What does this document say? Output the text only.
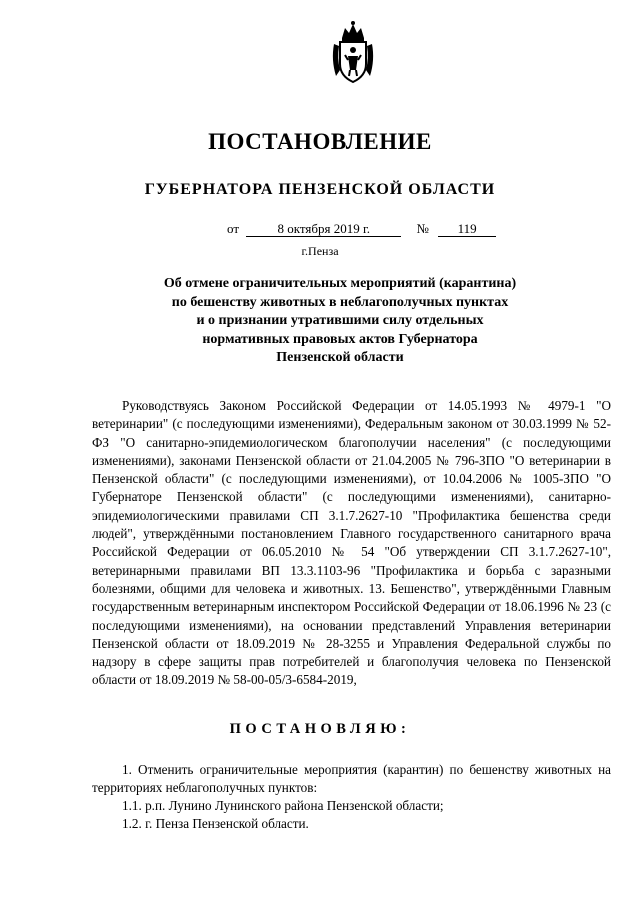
ПОСТАНОВЛЕНИЕ
ГУБЕРНАТОРА ПЕНЗЕНСКОЙ ОБЛАСТИ
от	8 октября 2019 г.	№ 119
г.Пенза
Об отмене ограничительных мероприятий (карантина)
по бешенству животных в неблагополучных пунктах
и о признании утратившими силу отдельных
нормативных правовых актов Губернатора
Пензенской области

Руководствуясь Законом Российской Федерации от 14.05.1993 № 4979-1 "О ветеринарии" (с последующими изменениями), Федеральным законом от 30.03.1999 № 52-ФЗ "О санитарно-эпидемиологическом благополучии населения" (с последующими изменениями), законами Пензенской области от 21.04.2005 № 796-ЗПО "О ветеринарии в Пензенской области" (с последующими изменениями), от 10.04.2006 № 1005-ЗПО "О Губернаторе Пензенской области" (с последующими изменениями), санитарно-эпидемиологическими правилами СП 3.1.7.2627-10 "Профилактика бешенства среди людей", утверждёнными постановлением Главного государственного санитарного врача Российской Федерации от 06.05.2010 № 54 "Об утверждении СП 3.1.7.2627-10", ветеринарными правилами ВП 13.3.1103-96 "Профилактика и борьба с заразными болезнями, общими для человека и животных. 13. Бешенство", утверждёнными Главным государственным ветеринарным инспектором Российской Федерации от 18.06.1996 № 23 (с последующими изменениями), на основании представлений Управления ветеринарии Пензенской области от 18.09.2019 № 28-3255 и Управления Федеральной службы по надзору в сфере защиты прав потребителей и благополучия человека по Пензенской области от 18.09.2019 № 58-00-05/3-6584-2019,

ПОСТАНОВЛЯЮ:

1. Отменить ограничительные мероприятия (карантин) по бешенству животных на территориях неблагополучных пунктов:

1.1. р.п. Лунино Лунинского района Пензенской области;

1.2. г. Пенза Пензенской области.
